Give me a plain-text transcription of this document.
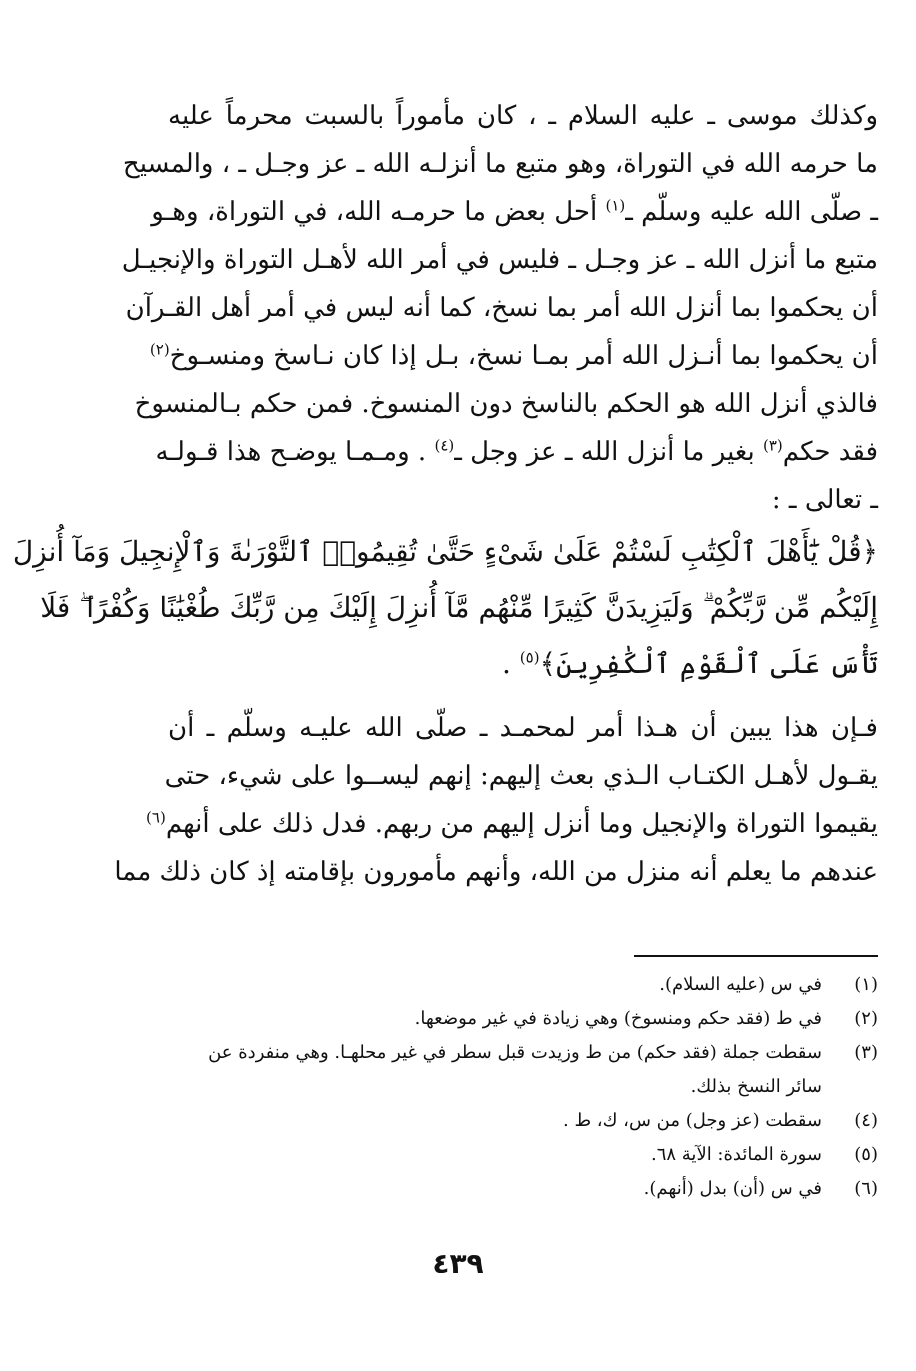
وكذلك موسى ـ عليه السلام ـ ، كان مأموراً بالسبت محرماً عليه
ما حرمه الله في التوراة، وهو متبع ما أنزلـه الله ـ عز وجـل ـ ، والمسيح
ـ صلّى الله عليه وسلّم ـ$^{(١)}$ أحل بعض ما حرمـه الله، في التوراة، وهـو
متبع ما أنزل الله ـ عز وجـل ـ فليس في أمر الله لأهـل التوراة والإنجيـل
أن يحكموا بما أنزل الله أمر بما نسخ، كما أنه ليس في أمر أهل القـرآن
أن يحكموا بما أنـزل الله أمر بمـا نسخ، بـل إذا كان نـاسخ ومنسـوخ$^{(٢)}$
فالذي أنزل الله هو الحكم بالناسخ دون المنسوخ. فمن حكم بـالمنسوخ
فقد حكم$^{(٣)}$ بغير ما أنزل الله ـ عز وجل ـ$^{(٤)}$ . ومـمـا يوضـح هذا قـولـه
ـ تعالى ـ :

﴿قُلْ يَٰٓأَهْلَ ٱلْكِتَٰبِ لَسْتُمْ عَلَىٰ شَىْءٍ حَتَّىٰ تُقِيمُوا۟ ٱلتَّوْرَىٰةَ وَٱلْإِنجِيلَ وَمَآ أُنزِلَ
إِلَيْكُم مِّن رَّبِّكُمْ ۗ وَلَيَزِيدَنَّ كَثِيرًا مِّنْهُم مَّآ أُنزِلَ إِلَيْكَ مِن رَّبِّكَ طُغْيَٰنًا وَكُفْرًا ۖ فَلَا
تَأْسَ عَلَى ٱلْقَوْمِ ٱلْكَٰفِرِينَ﴾$^{(٥)}$ .

فـإن هذا يبين أن هـذا أمر لمحمـد ـ صلّى الله عليـه وسلّم ـ أن
يقـول لأهـل الكتـاب الـذي بعث إليهم: إنهم ليســوا على شيء، حتى
يقيموا التوراة والإنجيل وما أنزل إليهم من ربهم. فدل ذلك على أنهم$^{(٦)}$
عندهم ما يعلم أنه منزل من الله، وأنهم مأمورون بإقامته إذ كان ذلك مما

(١)
في س (عليه السلام).
(٢)
في ط (فقد حكم ومنسوخ) وهي زيادة في غير موضعها.
(٣)
سقطت جملة (فقد حكم) من ط وزيدت قبل سطر في غير محلهـا. وهي منفردة عن سائر النسخ بذلك.
(٤)
سقطت (عز وجل) من س، ك، ط .
(٥)
سورة المائدة: الآية ٦٨.
(٦)
في س (أن) بدل (أنهم).
٤٣٩
